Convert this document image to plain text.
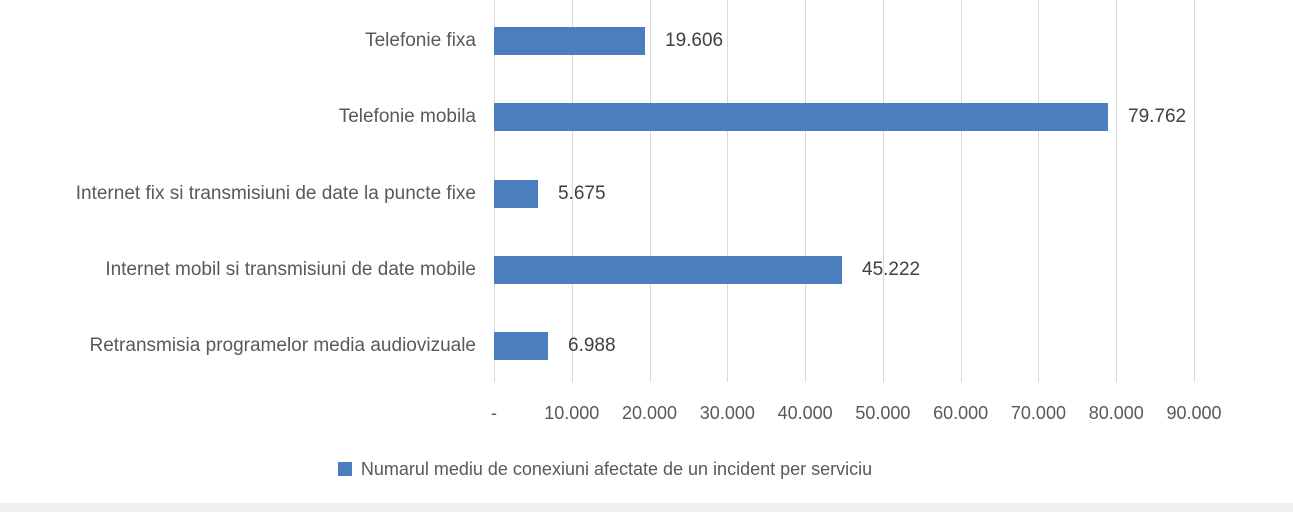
Telefonie fixa
Telefonie mobila
Internet fix si transmisiuni de date la puncte fixe
Internet mobil si transmisiuni de date mobile
Retransmisia programelor media audiovizuale
-	10.000	20.000	30.000	40.000	50.000	60.000	70.000	80.000	90.000
Numarul mediu de conexiuni afectate de un incident per serviciu
19.606
79.762
5.675
45.222
6.988
